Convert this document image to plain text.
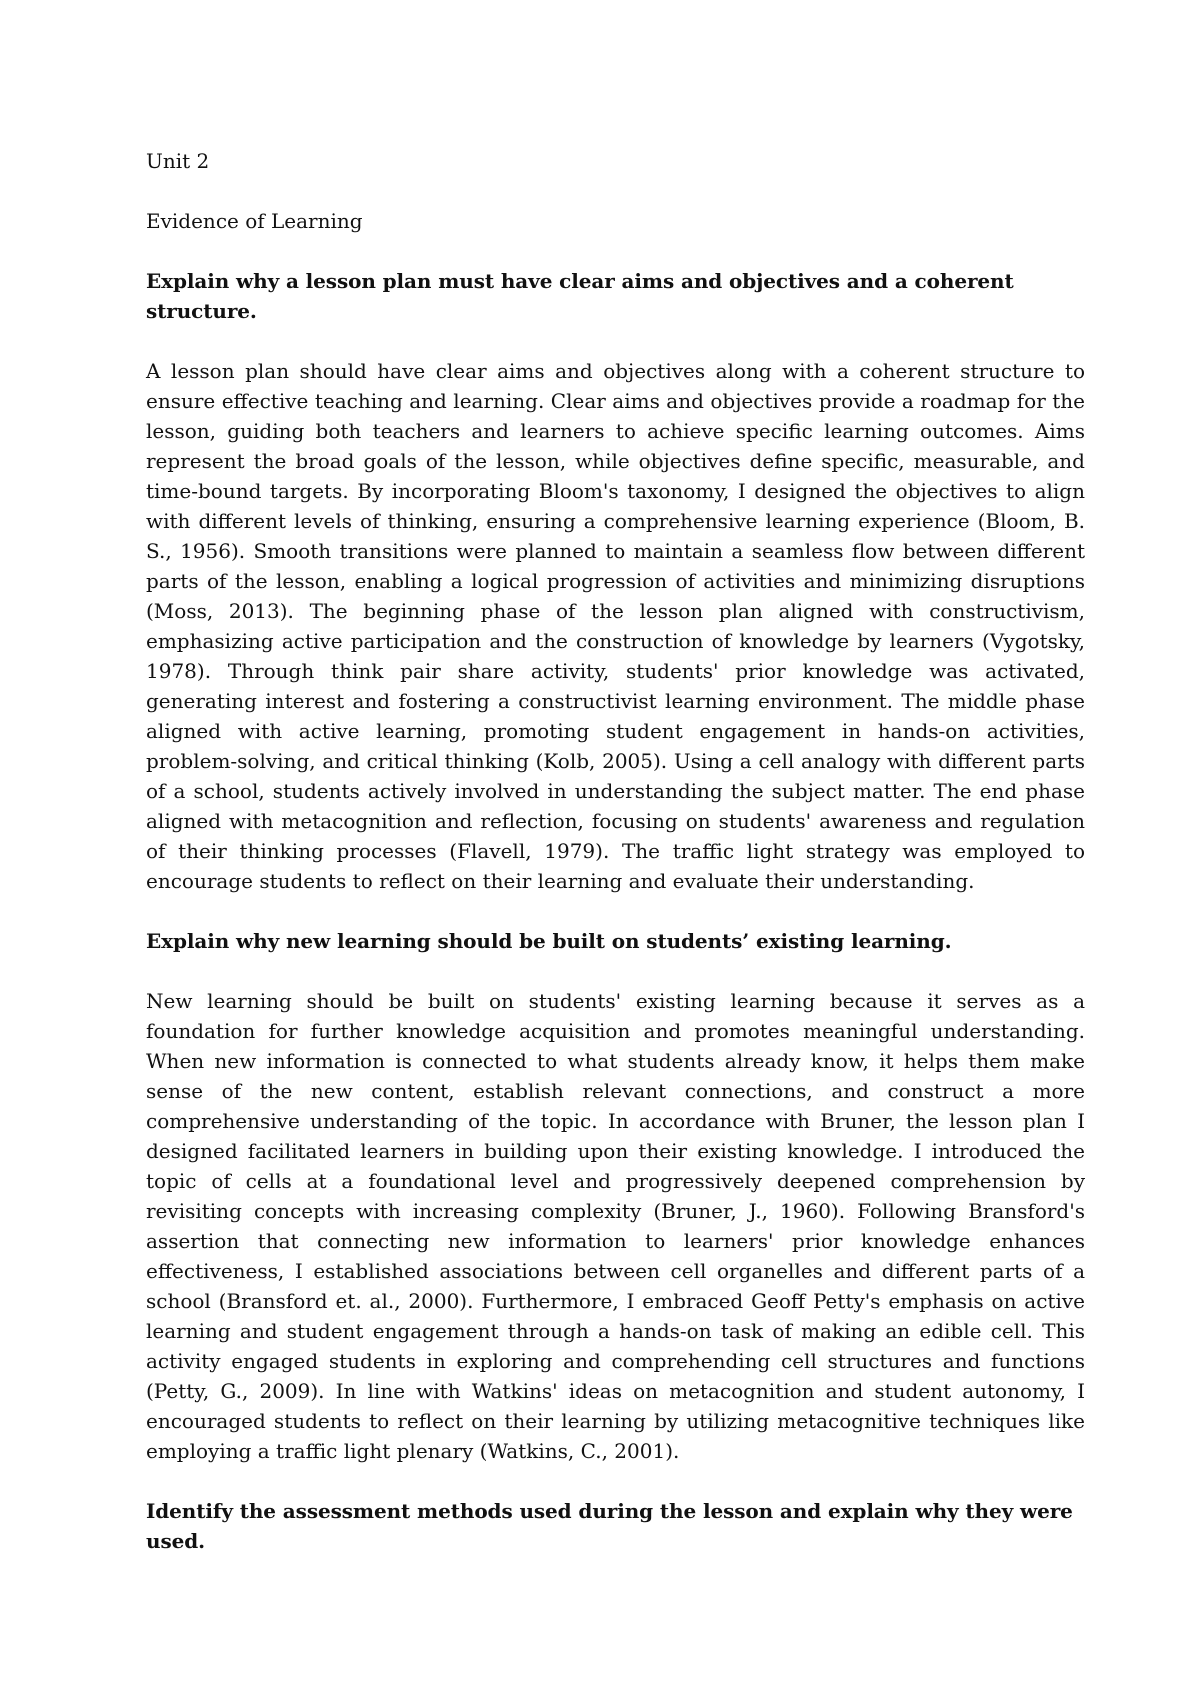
Unit 2

Evidence of Learning

Explain why a lesson plan must have clear aims and objectives and a coherent structure.

A lesson plan should have clear aims and objectives along with a coherent structure to ensure effective teaching and learning. Clear aims and objectives provide a roadmap for the lesson, guiding both teachers and learners to achieve specific learning outcomes. Aims represent the broad goals of the lesson, while objectives define specific, measurable, and time-bound targets. By incorporating Bloom's taxonomy, I designed the objectives to align with different levels of thinking, ensuring a comprehensive learning experience (Bloom, B. S., 1956). Smooth transitions were planned to maintain a seamless flow between different parts of the lesson, enabling a logical progression of activities and minimizing disruptions (Moss, 2013). The beginning phase of the lesson plan aligned with constructivism, emphasizing active participation and the construction of knowledge by learners (Vygotsky, 1978). Through think pair share activity, students' prior knowledge was activated, generating interest and fostering a constructivist learning environment. The middle phase aligned with active learning, promoting student engagement in hands-on activities, problem-solving, and critical thinking (Kolb, 2005). Using a cell analogy with different parts of a school, students actively involved in understanding the subject matter. The end phase aligned with metacognition and reflection, focusing on students' awareness and regulation of their thinking processes (Flavell, 1979). The traffic light strategy was employed to encourage students to reflect on their learning and evaluate their understanding.

Explain why new learning should be built on students’ existing learning.

New learning should be built on students' existing learning because it serves as a foundation for further knowledge acquisition and promotes meaningful understanding. When new information is connected to what students already know, it helps them make sense of the new content, establish relevant connections, and construct a more comprehensive understanding of the topic. In accordance with Bruner, the lesson plan I designed facilitated learners in building upon their existing knowledge. I introduced the topic of cells at a foundational level and progressively deepened comprehension by revisiting concepts with increasing complexity (Bruner, J., 1960). Following Bransford's assertion that connecting new information to learners' prior knowledge enhances effectiveness, I established associations between cell organelles and different parts of a school (Bransford et. al., 2000). Furthermore, I embraced Geoff Petty's emphasis on active learning and student engagement through a hands-on task of making an edible cell. This activity engaged students in exploring and comprehending cell structures and functions (Petty, G., 2009). In line with Watkins' ideas on metacognition and student autonomy, I encouraged students to reflect on their learning by utilizing metacognitive techniques like employing a traffic light plenary (Watkins, C., 2001).

Identify the assessment methods used during the lesson and explain why they were used.
